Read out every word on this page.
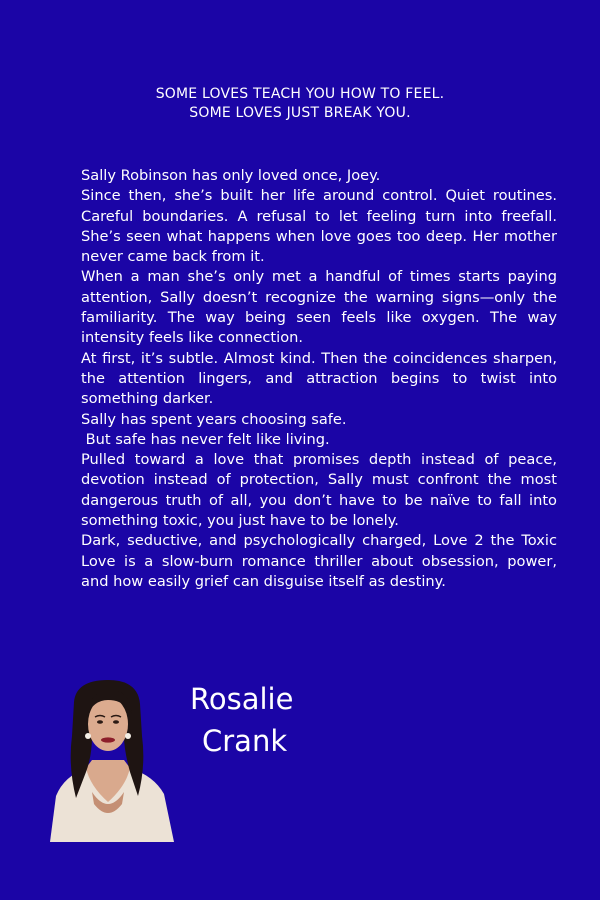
SOME LOVES TEACH YOU HOW TO FEEL.
SOME LOVES JUST BREAK YOU.

Sally Robinson has only loved once, Joey.

Since then, she’s built her life around control. Quiet routines. Careful boundaries. A refusal to let feeling turn into freefall. She’s seen what happens when love goes too deep. Her mother never came back from it.

When a man she’s only met a handful of times starts paying attention, Sally doesn’t recognize the warning signs—only the familiarity. The way being seen feels like oxygen. The way intensity feels like connection.

At first, it’s subtle. Almost kind. Then the coincidences sharpen, the attention lingers, and attraction begins to twist into something darker.

Sally has spent years choosing safe.

But safe has never felt like living.

Pulled toward a love that promises depth instead of peace, devotion instead of protection, Sally must confront the most dangerous truth of all, you don’t have to be naïve to fall into something toxic, you just have to be lonely.

Dark, seductive, and psychologically charged, Love 2 the Toxic Love is a slow-burn romance thriller about obsession, power, and how easily grief can disguise itself as destiny.

Rosalie
Crank
